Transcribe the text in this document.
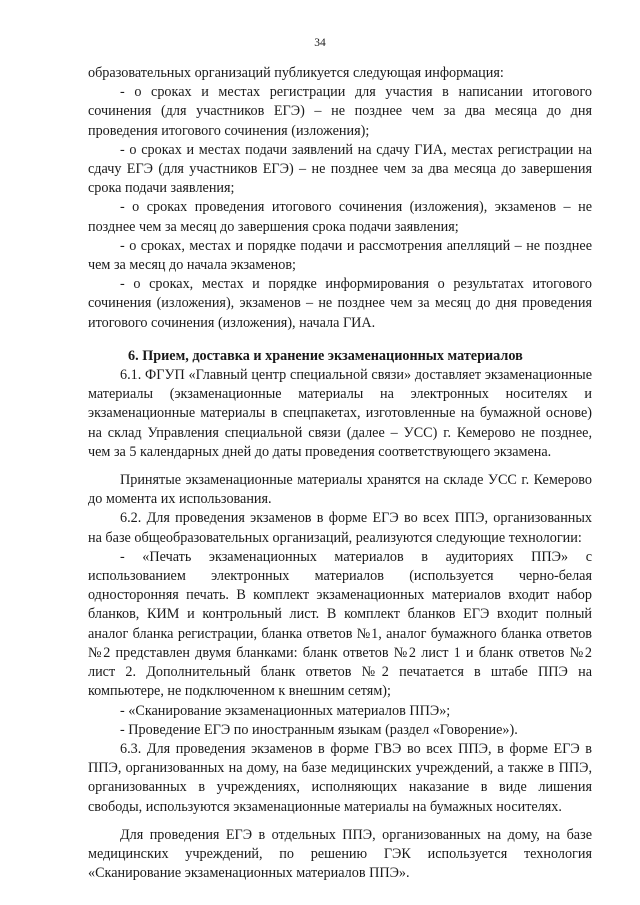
34

образовательных организаций публикуется следующая информация:

- о сроках и местах регистрации для участия в написании итогового сочинения (для участников ЕГЭ) – не позднее чем за два месяца до дня проведения итогового сочинения (изложения);

- о сроках и местах подачи заявлений на сдачу ГИА, местах регистрации на сдачу ЕГЭ (для участников ЕГЭ) – не позднее чем за два месяца до завершения срока подачи заявления;

- о сроках проведения итогового сочинения (изложения), экзаменов – не позднее чем за месяц до завершения срока подачи заявления;

- о сроках, местах и порядке подачи и рассмотрения апелляций – не позднее чем за месяц до начала экзаменов;

- о сроках, местах и порядке информирования о результатах итогового сочинения (изложения), экзаменов – не позднее чем за месяц до дня проведения итогового сочинения (изложения), начала ГИА.

6. Прием, доставка и хранение экзаменационных материалов

6.1. ФГУП «Главный центр специальной связи» доставляет экзаменационные материалы (экзаменационные материалы на электронных носителях и экзаменационные материалы в спецпакетах, изготовленные на бумажной основе) на склад Управления специальной связи (далее – УСС) г. Кемерово не позднее, чем за 5 календарных дней до даты проведения соответствующего экзамена.

Принятые экзаменационные материалы хранятся на складе УСС г. Кемерово до момента их использования.

6.2. Для проведения экзаменов в форме ЕГЭ во всех ППЭ, организованных на базе общеобразовательных организаций, реализуются следующие технологии:

- «Печать экзаменационных материалов в аудиториях ППЭ» с использованием электронных материалов (используется черно-белая односторонняя печать. В комплект экзаменационных материалов входит набор бланков, КИМ и контрольный лист. В комплект бланков ЕГЭ входит полный аналог бланка регистрации, бланка ответов №1, аналог бумажного бланка ответов №2 представлен двумя бланками: бланк ответов №2 лист 1 и бланк ответов №2 лист 2. Дополнительный бланк ответов №2 печатается в штабе ППЭ на компьютере, не подключенном к внешним сетям);

- «Сканирование экзаменационных материалов ППЭ»;

- Проведение ЕГЭ по иностранным языкам (раздел «Говорение»).

6.3. Для проведения экзаменов в форме ГВЭ во всех ППЭ, в форме ЕГЭ в ППЭ, организованных на дому, на базе медицинских учреждений, а также в ППЭ, организованных в учреждениях, исполняющих наказание в виде лишения свободы, используются экзаменационные материалы на бумажных носителях.

Для проведения ЕГЭ в отдельных ППЭ, организованных на дому, на базе медицинских учреждений, по решению ГЭК используется технология «Сканирование экзаменационных материалов ППЭ».
